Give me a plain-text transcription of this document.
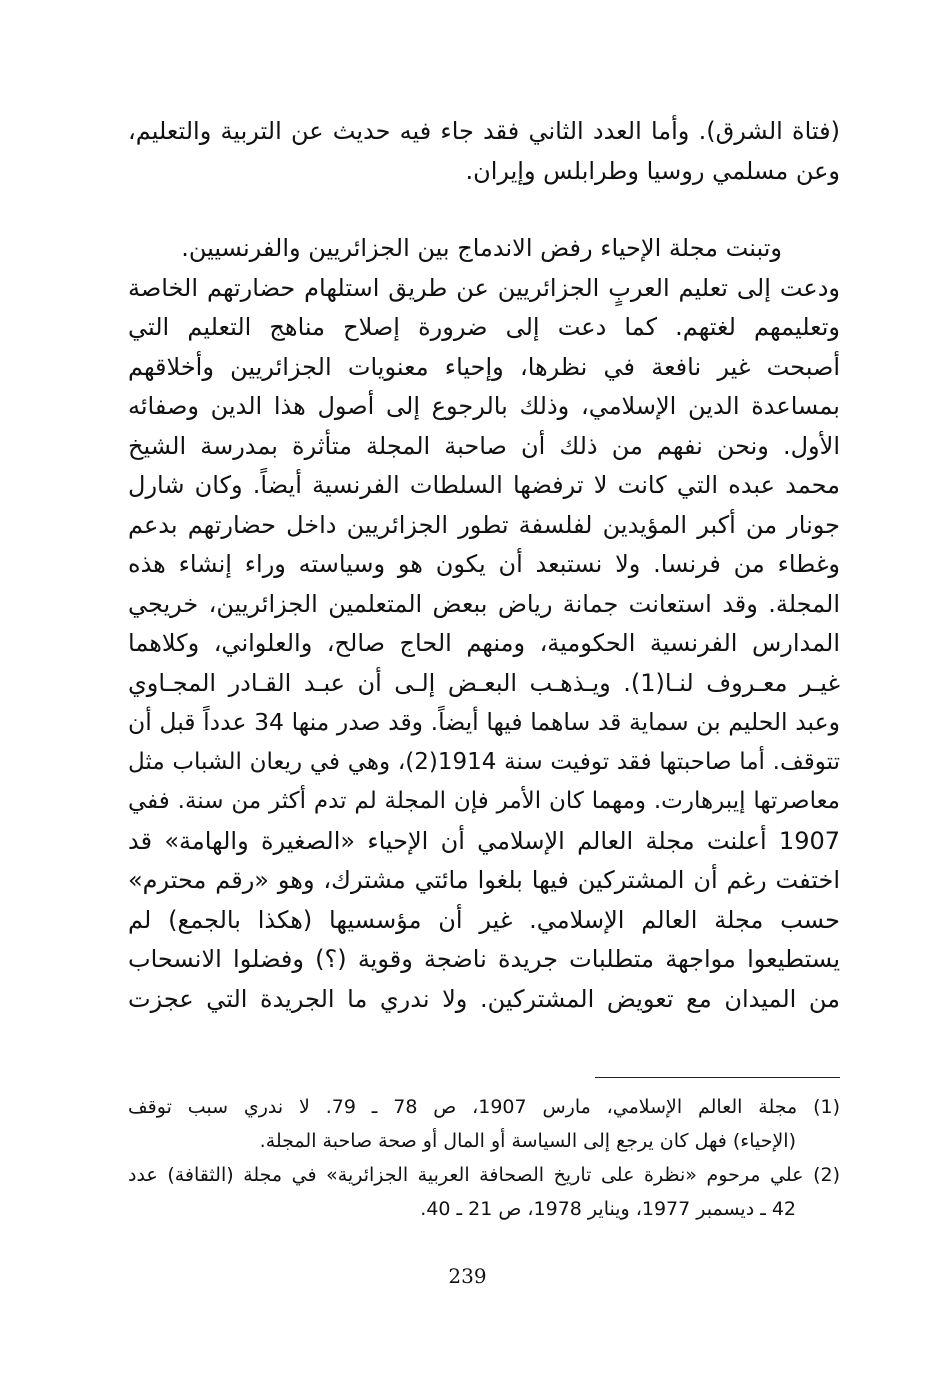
(فتاة الشرق). وأما العدد الثاني فقد جاء فيه حديث عن التربية والتعليم،
وعن مسلمي روسيا وطرابلس وإيران.
وتبنت مجلة الإحياء رفض الاندماج بين الجزائريين والفرنسيين.
ودعت إلى تعليم العربٍ الجزائريين عن طريق استلهام حضارتهم الخاصة
وتعليمهم لغتهم. كما دعت إلى ضرورة إصلاح مناهج التعليم التي
أصبحت غير نافعة في نظرها، وإحياء معنويات الجزائريين وأخلاقهم
بمساعدة الدين الإسلامي، وذلك بالرجوع إلى أصول هذا الدين وصفائه
الأول. ونحن نفهم من ذلك أن صاحبة المجلة متأثرة بمدرسة الشيخ
محمد عبده التي كانت لا ترفضها السلطات الفرنسية أيضاً. وكان شارل
جونار من أكبر المؤيدين لفلسفة تطور الجزائريين داخل حضارتهم بدعم
وغطاء من فرنسا. ولا نستبعد أن يكون هو وسياسته وراء إنشاء هذه
المجلة. وقد استعانت جمانة رياض ببعض المتعلمين الجزائريين، خريجي
المدارس الفرنسية الحكومية، ومنهم الحاج صالح، والعلواني، وكلاهما
غيـر معـروف لنـا(1). ويـذهـب البعـض إلـى أن عبـد القـادر المجـاوي
وعبد الحليم بن سماية قد ساهما فيها أيضاً. وقد صدر منها 34 عدداً قبل أن
تتوقف. أما صاحبتها فقد توفيت سنة 1914(2)، وهي في ريعان الشباب مثل
معاصرتها إيبرهارت. ومهما كان الأمر فإن المجلة لم تدم أكثر من سنة. ففي
1907 أعلنت مجلة العالم الإسلامي أن الإحياء «الصغيرة والهامة» قد
اختفت رغم أن المشتركين فيها بلغوا مائتي مشترك، وهو «رقم محترم»
حسب مجلة العالم الإسلامي. غير أن مؤسسيها (هكذا بالجمع) لم
يستطيعوا مواجهة متطلبات جريدة ناضجة وقوية (؟) وفضلوا الانسحاب
من الميدان مع تعويض المشتركين. ولا ندري ما الجريدة التي عجزت
(1) مجلة العالم الإسلامي، مارس 1907، ص 78 ـ 79. لا ندري سبب توقف
(الإحياء) فهل كان يرجع إلى السياسة أو المال أو صحة صاحبة المجلة.
(2) علي مرحوم «نظرة على تاريخ الصحافة العربية الجزائرية» في مجلة (الثقافة) عدد
42 ـ ديسمبر 1977، ويناير 1978، ص 21 ـ 40.
239
